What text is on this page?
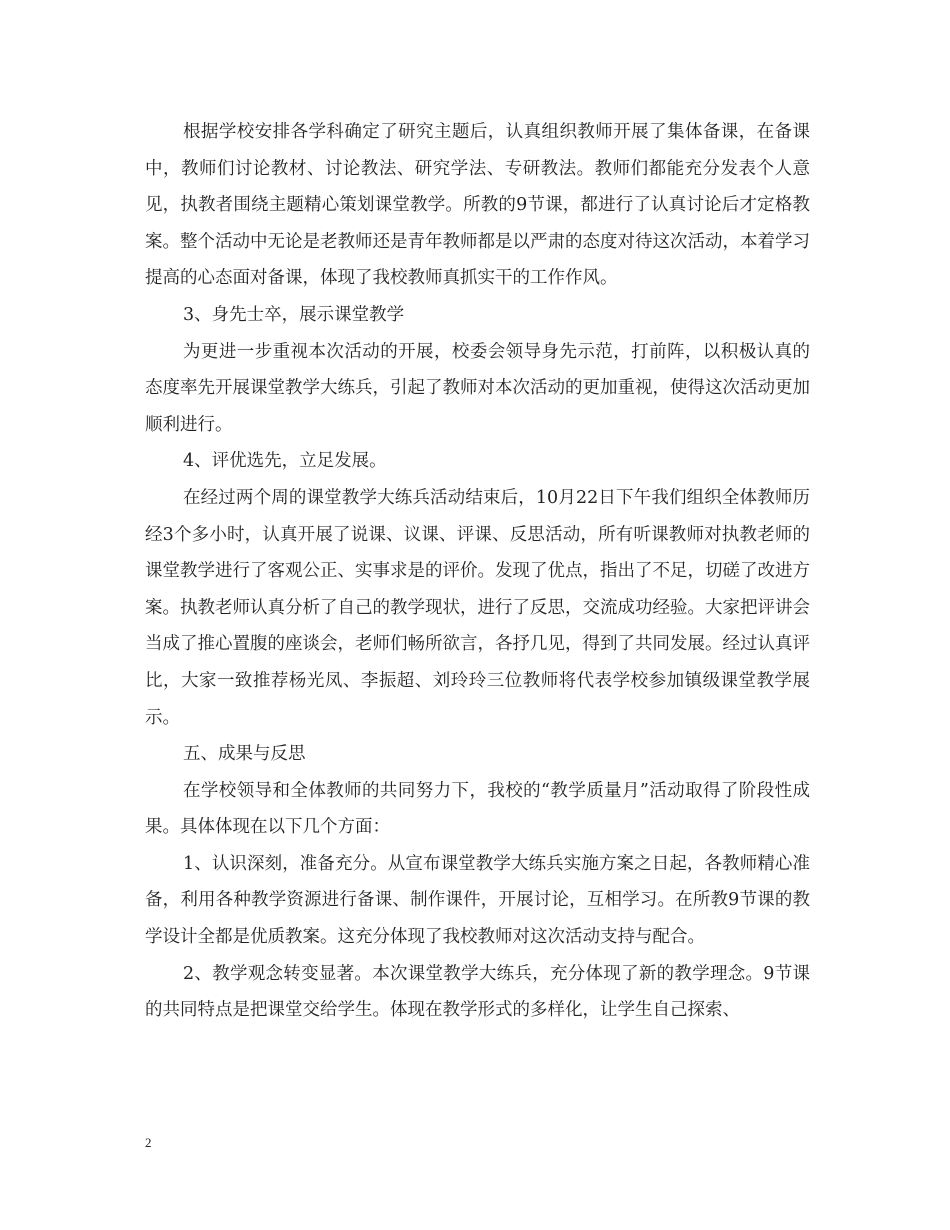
根据学校安排各学科确定了研究主题后，认真组织教师开展了集体备课，在备课中，教师们讨论教材、讨论教法、研究学法、专研教法。教师们都能充分发表个人意见，执教者围绕主题精心策划课堂教学。所教的9节课，都进行了认真讨论后才定格教案。整个活动中无论是老教师还是青年教师都是以严肃的态度对待这次活动，本着学习提高的心态面对备课，体现了我校教师真抓实干的工作作风。

3、身先士卒，展示课堂教学

为更进一步重视本次活动的开展，校委会领导身先示范，打前阵，以积极认真的态度率先开展课堂教学大练兵，引起了教师对本次活动的更加重视，使得这次活动更加顺利进行。

4、评优选先，立足发展。

在经过两个周的课堂教学大练兵活动结束后，10月22日下午我们组织全体教师历经3个多小时，认真开展了说课、议课、评课、反思活动，所有听课教师对执教老师的课堂教学进行了客观公正、实事求是的评价。发现了优点，指出了不足，切磋了改进方案。执教老师认真分析了自己的教学现状，进行了反思，交流成功经验。大家把评讲会当成了推心置腹的座谈会，老师们畅所欲言，各抒几见，得到了共同发展。经过认真评比，大家一致推荐杨光凤、李振超、刘玲玲三位教师将代表学校参加镇级课堂教学展示。

五、成果与反思

在学校领导和全体教师的共同努力下，我校的“教学质量月”活动取得了阶段性成果。具体体现在以下几个方面：

1、认识深刻，准备充分。从宣布课堂教学大练兵实施方案之日起，各教师精心准备，利用各种教学资源进行备课、制作课件，开展讨论，互相学习。在所教9节课的教学设计全都是优质教案。这充分体现了我校教师对这次活动支持与配合。

2、教学观念转变显著。本次课堂教学大练兵，充分体现了新的教学理念。9节课的共同特点是把课堂交给学生。体现在教学形式的多样化，让学生自己探索、

2
